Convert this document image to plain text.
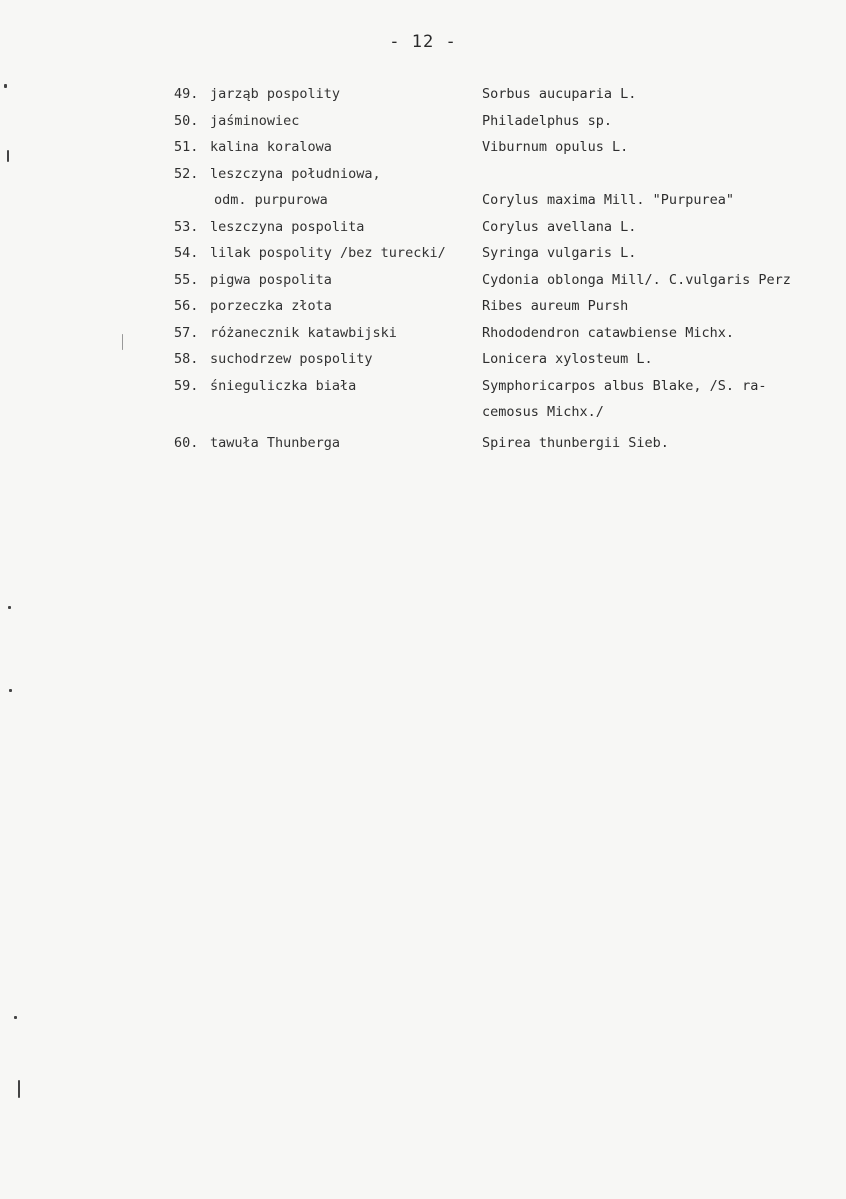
- 12 -
49. jarząb pospolity	Sorbus aucuparia L.
50. jaśminowiec	Philadelphus sp.
51. kalina koralowa	Viburnum opulus L.
52. leszczyna południowa,
odm. purpurowa	Corylus maxima Mill. "Purpurea"
53. leszczyna pospolita	Corylus avellana L.
54. lilak pospolity /bez turecki/	Syringa vulgaris L.
55. pigwa pospolita	Cydonia oblonga Mill/. C.vulgaris Perz
56. porzeczka złota	Ribes aureum Pursh
57. różanecznik katawbijski	Rhododendron catawbiense Michx.
58. suchodrzew pospolity	Lonicera xylosteum L.
59. śnieguliczka biała	Symphoricarpos albus Blake, /S. ra-
cemosus Michx./
60. tawuła Thunberga	Spirea thunbergii Sieb.
